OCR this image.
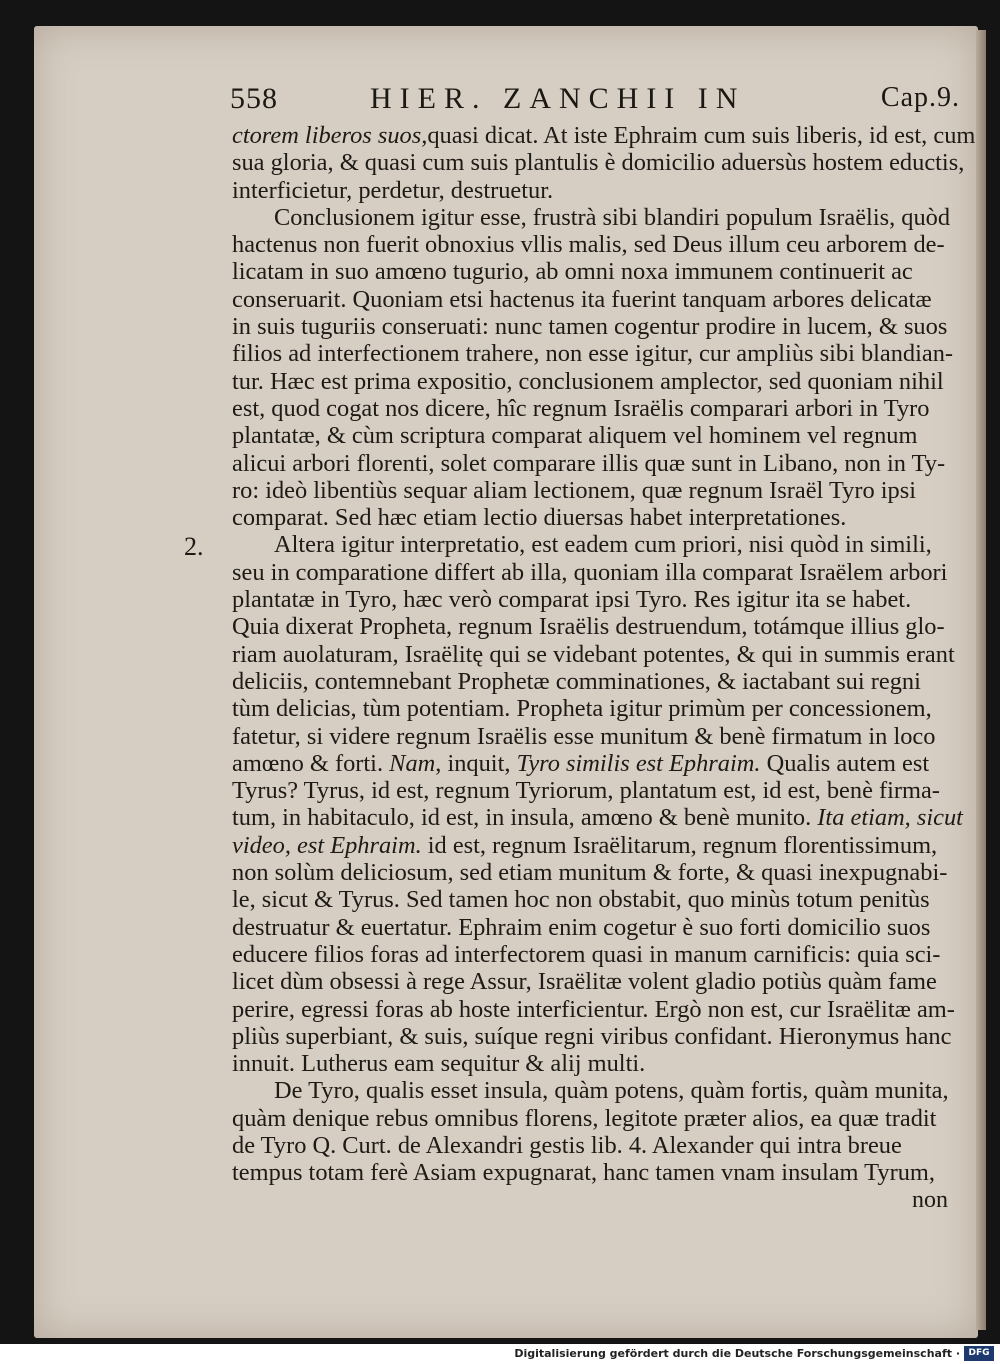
558	HIER. ZANCHII IN	Cap.9.
ctorem liberos suos,quasi dicat. At iste Ephraim cum suis liberis, id est, cum
sua gloria, & quasi cum suis plantulis è domicilio aduersùs hostem eductis,
interficietur, perdetur, destruetur.
Conclusionem igitur esse, frustrà sibi blandiri populum Israëlis, quòd
hactenus non fuerit obnoxius vllis malis, sed Deus illum ceu arborem de-
licatam in suo amœno tugurio, ab omni noxa immunem continuerit ac
conseruarit. Quoniam etsi hactenus ita fuerint tanquam arbores delicatæ
in suis tuguriis conseruati: nunc tamen cogentur prodire in lucem, & suos
filios ad interfectionem trahere, non esse igitur, cur ampliùs sibi blandian-
tur. Hæc est prima expositio, conclusionem amplector, sed quoniam nihil
est, quod cogat nos dicere, hîc regnum Israëlis comparari arbori in Tyro
plantatæ, & cùm scriptura comparat aliquem vel hominem vel regnum
alicui arbori florenti, solet comparare illis quæ sunt in Libano, non in Ty-
ro: ideò libentiùs sequar aliam lectionem, quæ regnum Israël Tyro ipsi
comparat. Sed hæc etiam lectio diuersas habet interpretationes.
Altera igitur interpretatio, est eadem cum priori, nisi quòd in simili,
seu in comparatione differt ab illa, quoniam illa comparat Israëlem arbori
plantatæ in Tyro, hæc verò comparat ipsi Tyro. Res igitur ita se habet.
Quia dixerat Propheta, regnum Israëlis destruendum, totámque illius glo-
riam auolaturam, Israëlitę qui se videbant potentes, & qui in summis erant
deliciis, contemnebant Prophetæ comminationes, & iactabant sui regni
tùm delicias, tùm potentiam. Propheta igitur primùm per concessionem,
fatetur, si videre regnum Israëlis esse munitum & benè firmatum in loco
amœno & forti. Nam, inquit, Tyro similis est Ephraim. Qualis autem est
Tyrus? Tyrus, id est, regnum Tyriorum, plantatum est, id est, benè firma-
tum, in habitaculo, id est, in insula, amœno & benè munito. Ita etiam, sicut
video, est Ephraim. id est, regnum Israëlitarum, regnum florentissimum,
non solùm deliciosum, sed etiam munitum & forte, & quasi inexpugnabi-
le, sicut & Tyrus. Sed tamen hoc non obstabit, quo minùs totum penitùs
destruatur & euertatur. Ephraim enim cogetur è suo forti domicilio suos
educere filios foras ad interfectorem quasi in manum carnificis: quia sci-
licet dùm obsessi à rege Assur, Israëlitæ volent gladio potiùs quàm fame
perire, egressi foras ab hoste interficientur. Ergò non est, cur Israëlitæ am-
pliùs superbiant, & suis, suíque regni viribus confidant. Hieronymus hanc
innuit. Lutherus eam sequitur & alij multi.
De Tyro, qualis esset insula, quàm potens, quàm fortis, quàm munita,
quàm denique rebus omnibus florens, legitote præter alios, ea quæ tradit
de Tyro Q. Curt. de Alexandri gestis lib. 4. Alexander qui intra breue
tempus totam ferè Asiam expugnarat, hanc tamen vnam insulam Tyrum,
2.
non
Digitalisierung gefördert durch die Deutsche Forschungsgemeinschaft · DFG
